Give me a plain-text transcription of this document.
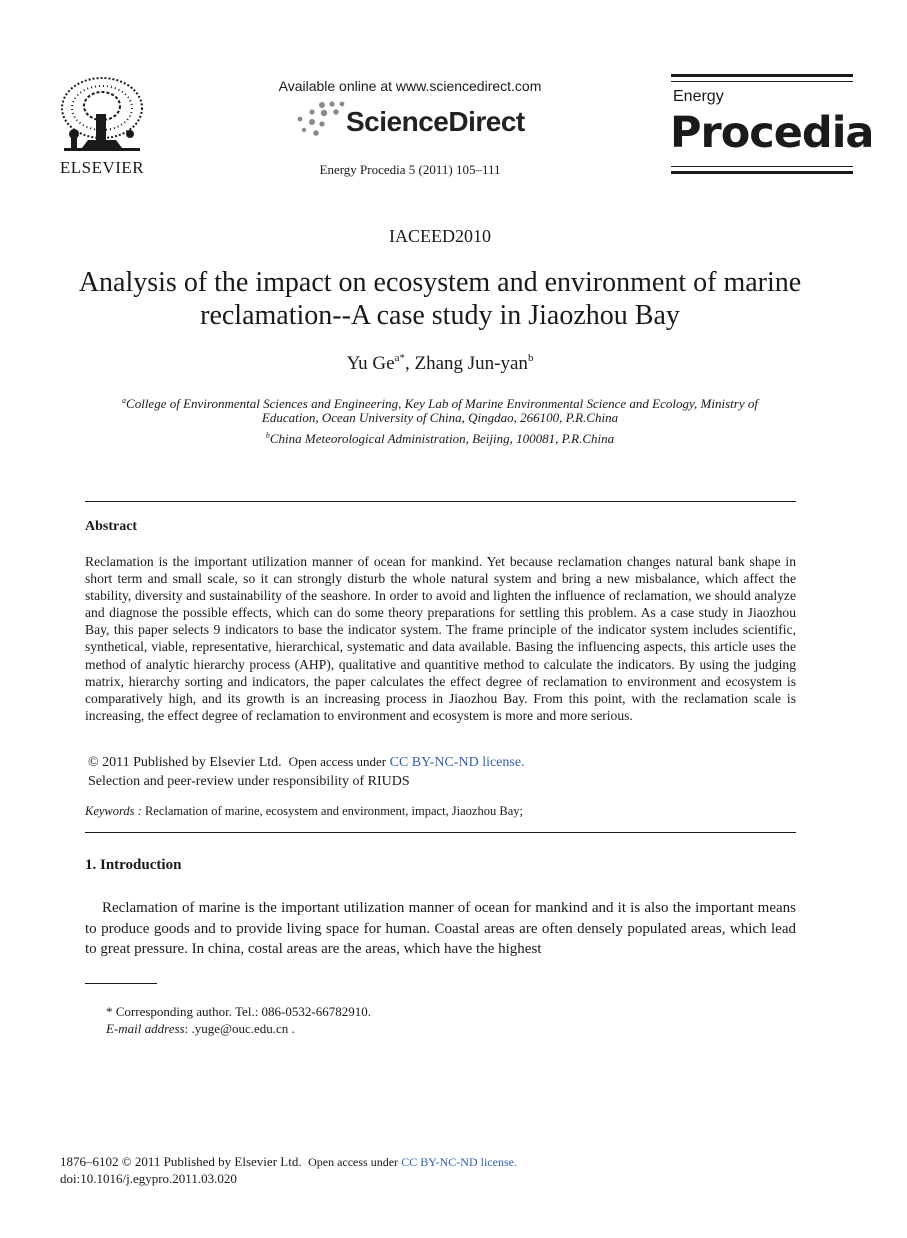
ELSEVIER
Available online at www.sciencedirect.com
ScienceDirect
Energy Procedia 5 (2011) 105–111
Energy
Procedia
IACEED2010
Analysis of the impact on ecosystem and environment of marine reclamation--A case study in Jiaozhou Bay
Yu $Ge^{a*}$, Zhang Jun-yan$^b$
$^a$College of Environmental Sciences and Engineering, Key Lab of Marine Environmental Science and Ecology, Ministry of
Education, Ocean University of China, Qingdao, 266100, P.R.China
$^b$China Meteorological Administration, Beijing, 100081, P.R.China
Abstract
Reclamation is the important utilization manner of ocean for mankind. Yet because reclamation changes natural bank shape in short term and small scale, so it can strongly disturb the whole natural system and bring a new misbalance, which affect the stability, diversity and sustainability of the seashore. In order to avoid and lighten the influence of reclamation, we should analyze and diagnose the possible effects, which can do some theory preparations for settling this problem. As a case study in Jiaozhou Bay, this paper selects 9 indicators to base the indicator system. The frame principle of the indicator system includes scientific, synthetical, viable, representative, hierarchical, systematic and data available. Basing the influencing aspects, this article uses the method of analytic hierarchy process (AHP), qualitative and quantitive method to calculate the indicators. By using the judging matrix, hierarchy sorting and indicators, the paper calculates the effect degree of reclamation to environment and ecosystem is comparatively high, and its growth is an increasing process in Jiaozhou Bay. From this point, with the reclamation scale is increasing, the effect degree of reclamation to environment and ecosystem is more and more serious.
© 2011 Published by Elsevier Ltd. Open access under CC BY-NC-ND license.
Selection and peer-review under responsibility of RIUDS
Keywords : Reclamation of marine, ecosystem and environment, impact, Jiaozhou Bay;
1. Introduction
Reclamation of marine is the important utilization manner of ocean for mankind and it is also the important means to produce goods and to provide living space for human. Coastal areas are often densely populated areas, which lead to great pressure. In china, costal areas are the areas, which have the highest
* Corresponding author. Tel.: 086-0532-66782910.
E-mail address: .yuge@ouc.edu.cn .
1876–6102 © 2011 Published by Elsevier Ltd. Open access under CC BY-NC-ND license.
doi:10.1016/j.egypro.2011.03.020
